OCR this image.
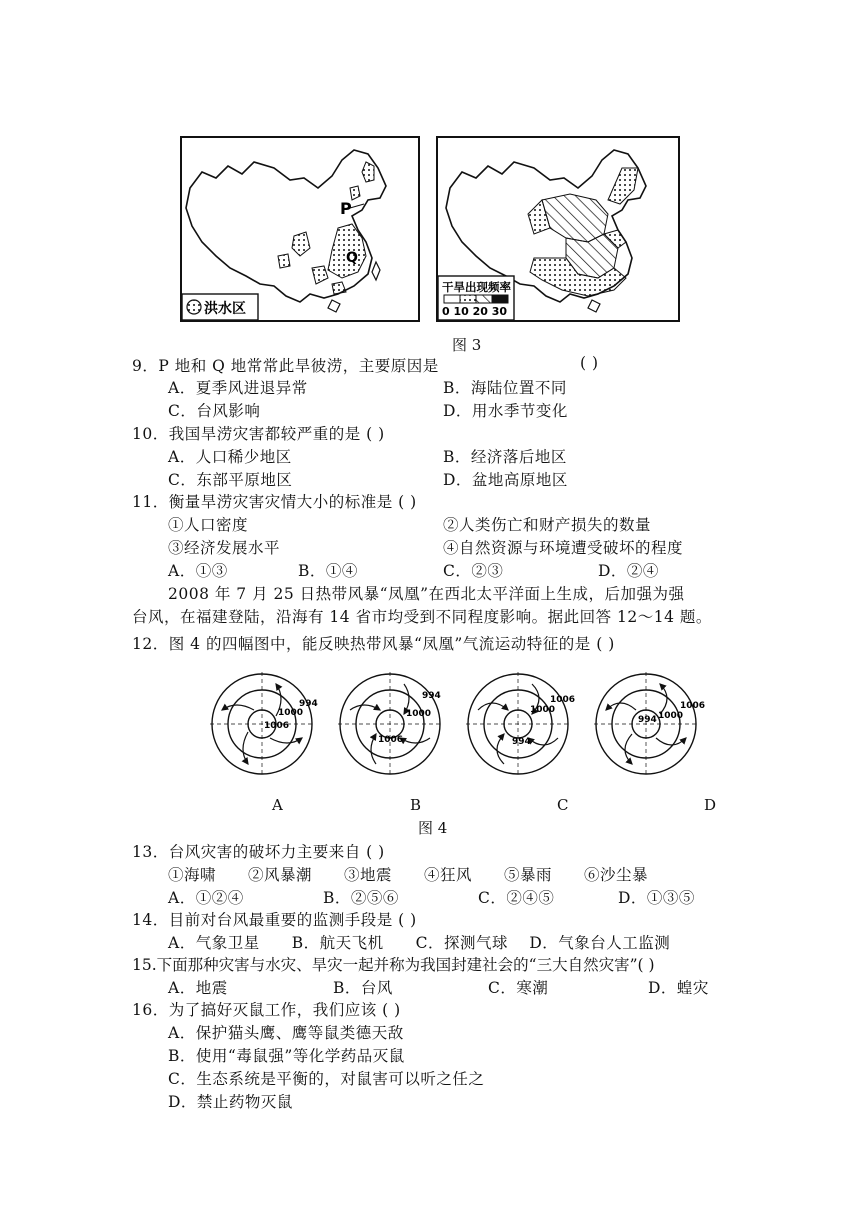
P
Q
洪水区
干旱出现频率
0 10 20 30
图 3
9．P 地和 Q 地常常此旱彼涝，主要原因是	( )
A．夏季风进退异常	B．海陆位置不同
C．台风影响	D．用水季节变化
10．我国旱涝灾害都较严重的是 ( )
A．人口稀少地区	B．经济落后地区
C．东部平原地区	D．盆地高原地区
11．衡量旱涝灾害灾情大小的标准是 ( )
①人口密度	②人类伤亡和财产损失的数量
③经济发展水平	④自然资源与环境遭受破坏的程度
A．①③	B．①④	C．②③	D．②④
2008 年 7 月 25 日热带风暴“凤凰”在西北太平洋面上生成，后加强为强
台风，在福建登陆，沿海有 14 省市均受到不同程度影响。据此回答 12～14 题。
12．图 4 的四幅图中，能反映热带风暴“凤凰”气流运动特征的是 ( )
1006
1000
994
1006
1000
994
994
1000
1006
994 1000
1006
A	B	C	D
图 4
13．台风灾害的破坏力主要来自 ( )
①海啸　　②风暴潮　　③地震　　④狂风　　⑤暴雨　　⑥沙尘暴
A．①②④	B．②⑤⑥	C．②④⑤	D．①③⑤
14．目前对台风最重要的监测手段是 ( )
A．气象卫星　　B．航天飞机　　C．探测气球　 D．气象台人工监测
15.下面那种灾害与水灾、旱灾一起并称为我国封建社会的“三大自然灾害”( )
A．地震	B．台风	C．寒潮	D．蝗灾
16．为了搞好灭鼠工作，我们应该 ( )
A．保护猫头鹰、鹰等鼠类德天敌
B．使用“毒鼠强”等化学药品灭鼠
C．生态系统是平衡的，对鼠害可以听之任之
D．禁止药物灭鼠
